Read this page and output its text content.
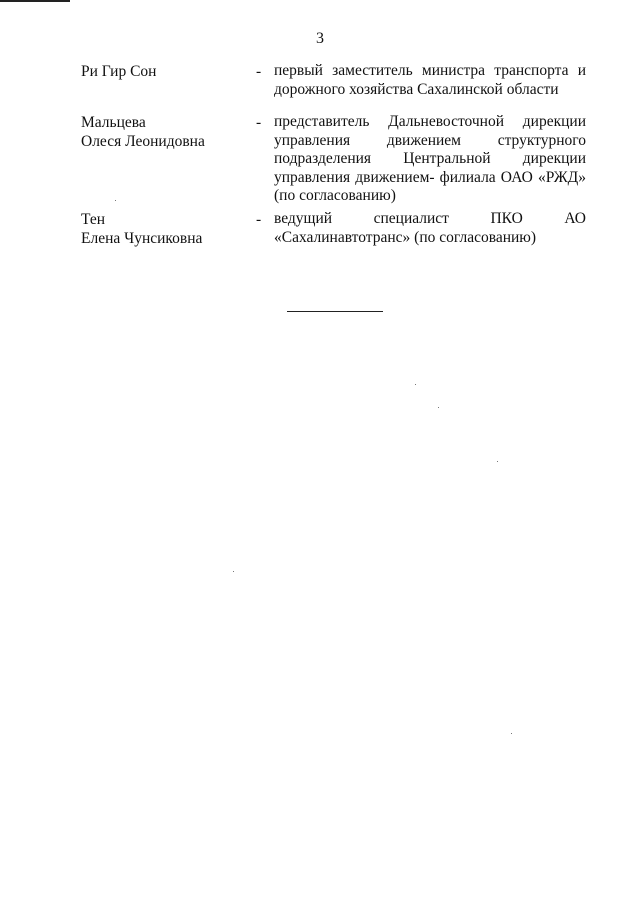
3
Ри Гир Сон	- первый заместитель министра транспорта и дорожного хозяйства Сахалинской области
Мальцева
Олеся Леонидовна
- представитель Дальневосточной дирекции управления движением структурного подразделения Центральной дирекции управления движением- филиала ОАО «РЖД» (по согласованию)
Тен
Елена Чунсиковна
- ведущий специалист ПКО АО «Сахалинавтотранс» (по согласованию)
